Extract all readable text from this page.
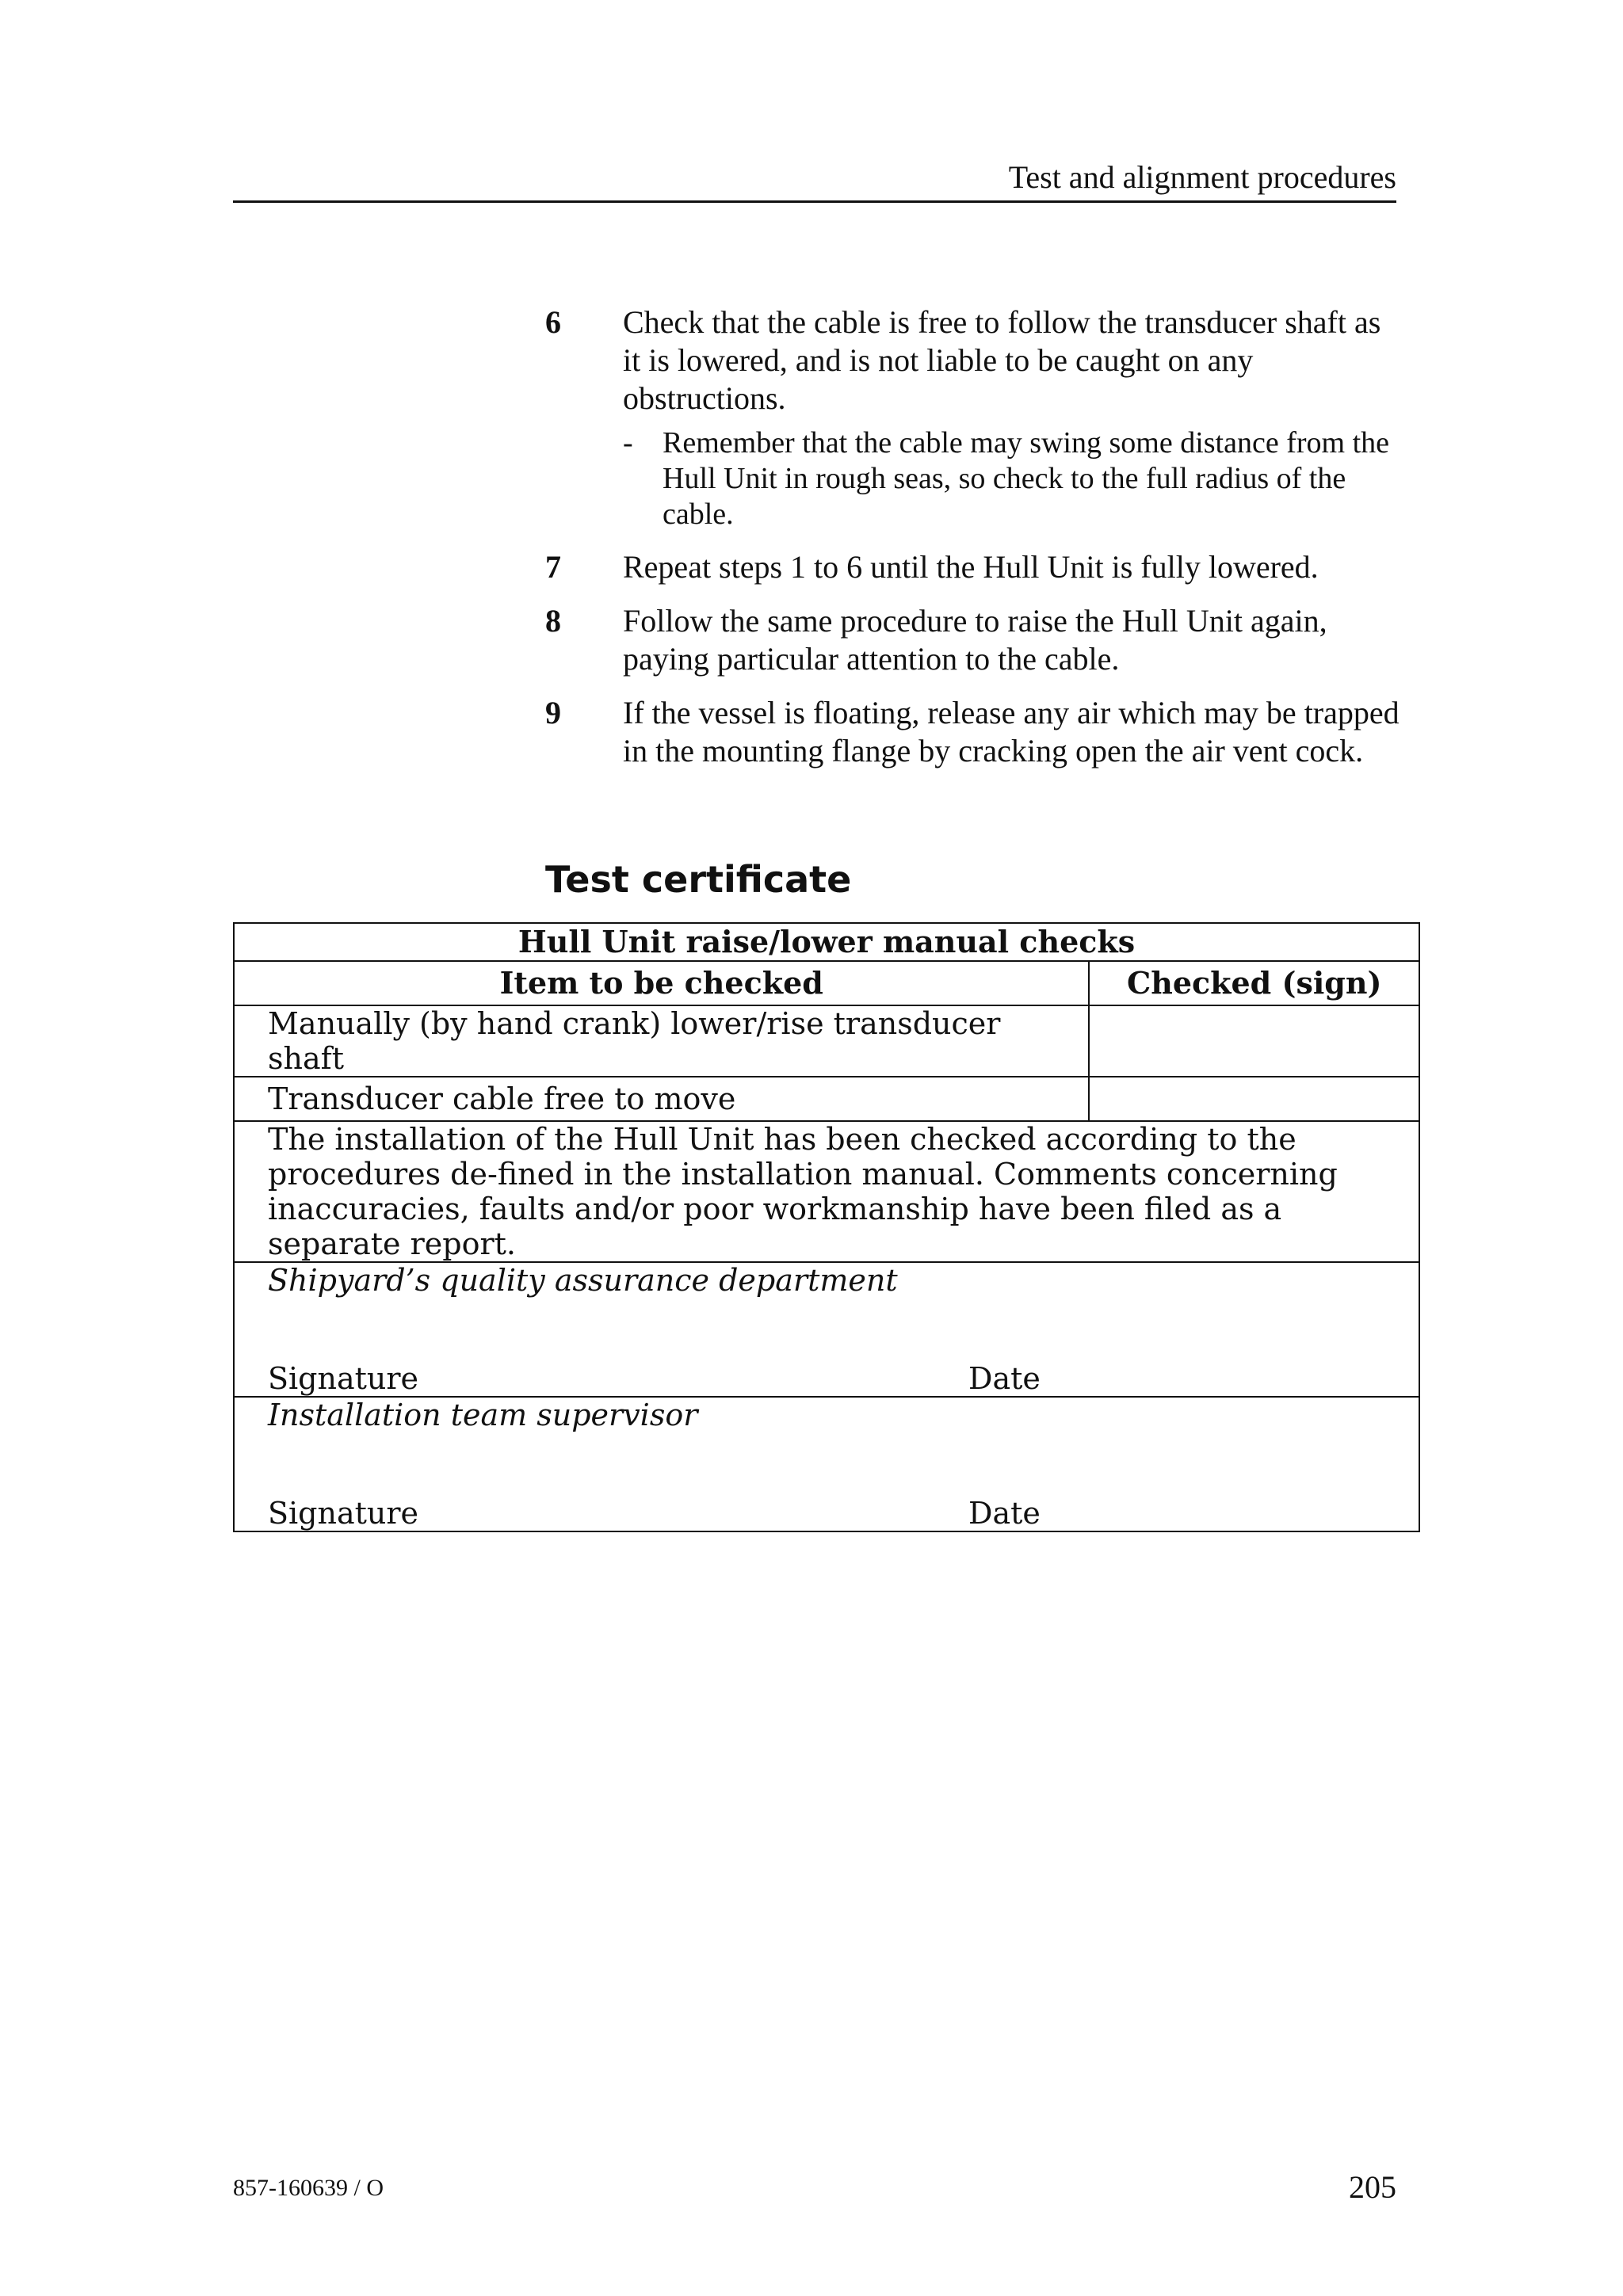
Test and alignment procedures
6 Check that the cable is free to follow the transducer shaft as it is lowered, and is not liable to be caught on any obstructions.
- Remember that the cable may swing some distance from the Hull Unit in rough seas, so check to the full radius of the cable.
7 Repeat steps 1 to 6 until the Hull Unit is fully lowered.
8 Follow the same procedure to raise the Hull Unit again, paying particular attention to the cable.
9 If the vessel is floating, release any air which may be trapped in the mounting flange by cracking open the air vent cock.
Test certificate
Hull Unit raise/lower manual checks	
Item to be checked	Checked (sign)
Manually (by hand crank) lower/rise transducer shaft	
Transducer cable free to move	
The installation of the Hull Unit has been checked according to the procedures de-fined in the installation manual. Comments concerning inaccuracies, faults and/or poor workmanship have been filed as a separate report.	

Shipyard’s quality assurance department
Signature Date	

Installation team supervisor
Signature Date	
857-160639 / O	205
